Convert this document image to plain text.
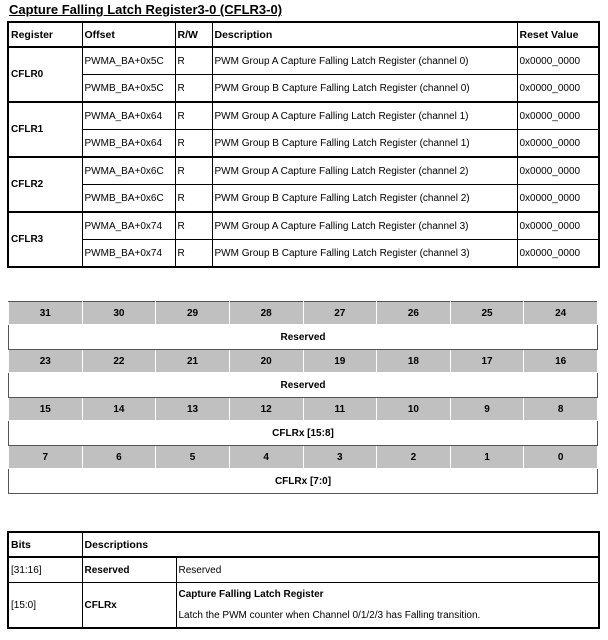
Capture Falling Latch Register3-0 (CFLR3-0)
Register	Offset	R/W	Description	Reset Value
CFLR0	PWMA_BA+0x5C	R	PWM Group A Capture Falling Latch Register (channel 0)	0x0000_0000
	PWMB_BA+0x5C	R	PWM Group B Capture Falling Latch Register (channel 0)	0x0000_0000
CFLR1	PWMA_BA+0x64	R	PWM Group A Capture Falling Latch Register (channel 1)	0x0000_0000
	PWMB_BA+0x64	R	PWM Group B Capture Falling Latch Register (channel 1)	0x0000_0000
CFLR2	PWMA_BA+0x6C	R	PWM Group A Capture Falling Latch Register (channel 2)	0x0000_0000
	PWMB_BA+0x6C	R	PWM Group B Capture Falling Latch Register (channel 2)	0x0000_0000
CFLR3	PWMA_BA+0x74	R	PWM Group A Capture Falling Latch Register (channel 3)	0x0000_0000
	PWMB_BA+0x74	R	PWM Group B Capture Falling Latch Register (channel 3)	0x0000_0000
31	30	29	28	27	26	25	24
Reserved							
23	22	21	20	19	18	17	16
Reserved							
15	14	13	12	11	10	9	8
CFLRx [15:8]							
7	6	5	4	3	2	1	0
CFLRx [7:0]							
Bits	Descriptions	
[31:16]	Reserved	Reserved
[15:0]	CFLRx	Capture Falling Latch Register
Latch the PWM counter when Channel 0/1/2/3 has Falling transition.
